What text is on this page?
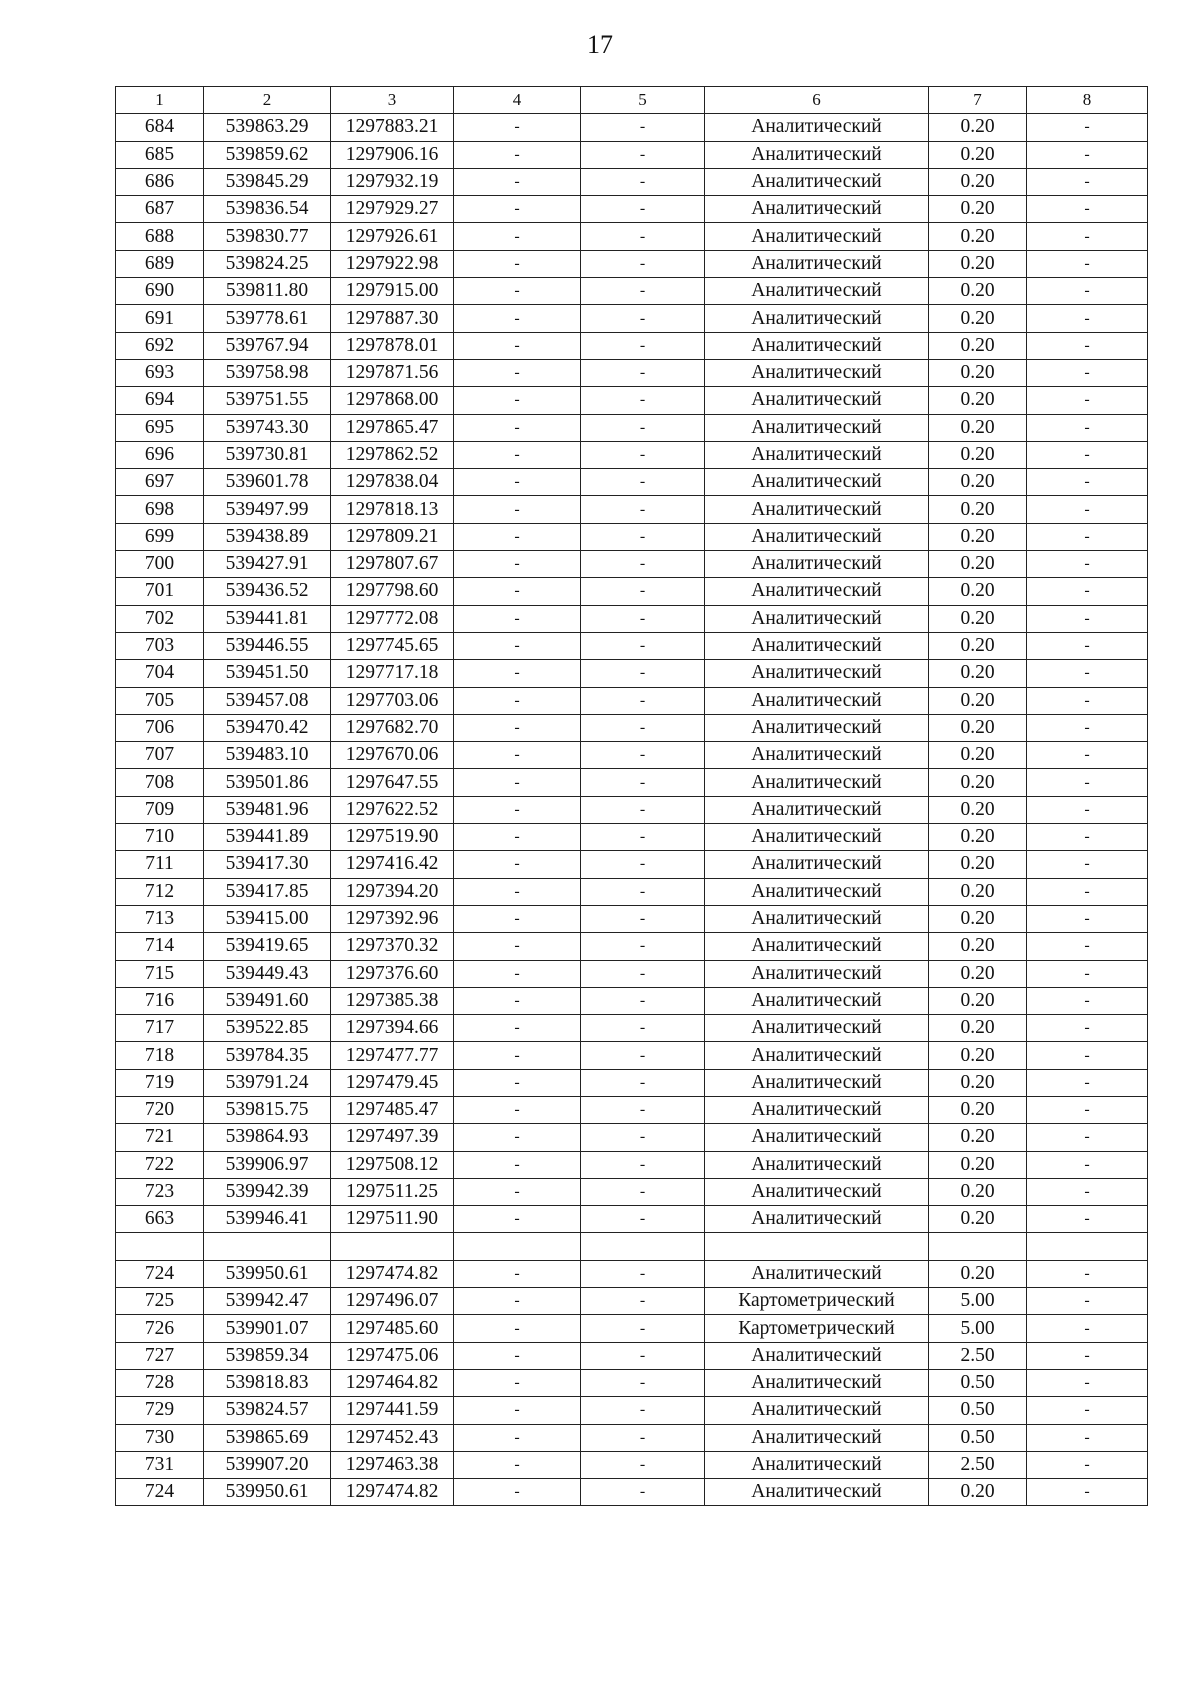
17
1	2	3	4	5	6	7	8
684	539863.29	1297883.21	-	-	Аналитический	0.20	-
685	539859.62	1297906.16	-	-	Аналитический	0.20	-
686	539845.29	1297932.19	-	-	Аналитический	0.20	-
687	539836.54	1297929.27	-	-	Аналитический	0.20	-
688	539830.77	1297926.61	-	-	Аналитический	0.20	-
689	539824.25	1297922.98	-	-	Аналитический	0.20	-
690	539811.80	1297915.00	-	-	Аналитический	0.20	-
691	539778.61	1297887.30	-	-	Аналитический	0.20	-
692	539767.94	1297878.01	-	-	Аналитический	0.20	-
693	539758.98	1297871.56	-	-	Аналитический	0.20	-
694	539751.55	1297868.00	-	-	Аналитический	0.20	-
695	539743.30	1297865.47	-	-	Аналитический	0.20	-
696	539730.81	1297862.52	-	-	Аналитический	0.20	-
697	539601.78	1297838.04	-	-	Аналитический	0.20	-
698	539497.99	1297818.13	-	-	Аналитический	0.20	-
699	539438.89	1297809.21	-	-	Аналитический	0.20	-
700	539427.91	1297807.67	-	-	Аналитический	0.20	-
701	539436.52	1297798.60	-	-	Аналитический	0.20	-
702	539441.81	1297772.08	-	-	Аналитический	0.20	-
703	539446.55	1297745.65	-	-	Аналитический	0.20	-
704	539451.50	1297717.18	-	-	Аналитический	0.20	-
705	539457.08	1297703.06	-	-	Аналитический	0.20	-
706	539470.42	1297682.70	-	-	Аналитический	0.20	-
707	539483.10	1297670.06	-	-	Аналитический	0.20	-
708	539501.86	1297647.55	-	-	Аналитический	0.20	-
709	539481.96	1297622.52	-	-	Аналитический	0.20	-
710	539441.89	1297519.90	-	-	Аналитический	0.20	-
711	539417.30	1297416.42	-	-	Аналитический	0.20	-
712	539417.85	1297394.20	-	-	Аналитический	0.20	-
713	539415.00	1297392.96	-	-	Аналитический	0.20	-
714	539419.65	1297370.32	-	-	Аналитический	0.20	-
715	539449.43	1297376.60	-	-	Аналитический	0.20	-
716	539491.60	1297385.38	-	-	Аналитический	0.20	-
717	539522.85	1297394.66	-	-	Аналитический	0.20	-
718	539784.35	1297477.77	-	-	Аналитический	0.20	-
719	539791.24	1297479.45	-	-	Аналитический	0.20	-
720	539815.75	1297485.47	-	-	Аналитический	0.20	-
721	539864.93	1297497.39	-	-	Аналитический	0.20	-
722	539906.97	1297508.12	-	-	Аналитический	0.20	-
723	539942.39	1297511.25	-	-	Аналитический	0.20	-
663	539946.41	1297511.90	-	-	Аналитический	0.20	-

724	539950.61	1297474.82	-	-	Аналитический	0.20	-
725	539942.47	1297496.07	-	-	Картометрический	5.00	-
726	539901.07	1297485.60	-	-	Картометрический	5.00	-
727	539859.34	1297475.06	-	-	Аналитический	2.50	-
728	539818.83	1297464.82	-	-	Аналитический	0.50	-
729	539824.57	1297441.59	-	-	Аналитический	0.50	-
730	539865.69	1297452.43	-	-	Аналитический	0.50	-
731	539907.20	1297463.38	-	-	Аналитический	2.50	-
724	539950.61	1297474.82	-	-	Аналитический	0.20	-
